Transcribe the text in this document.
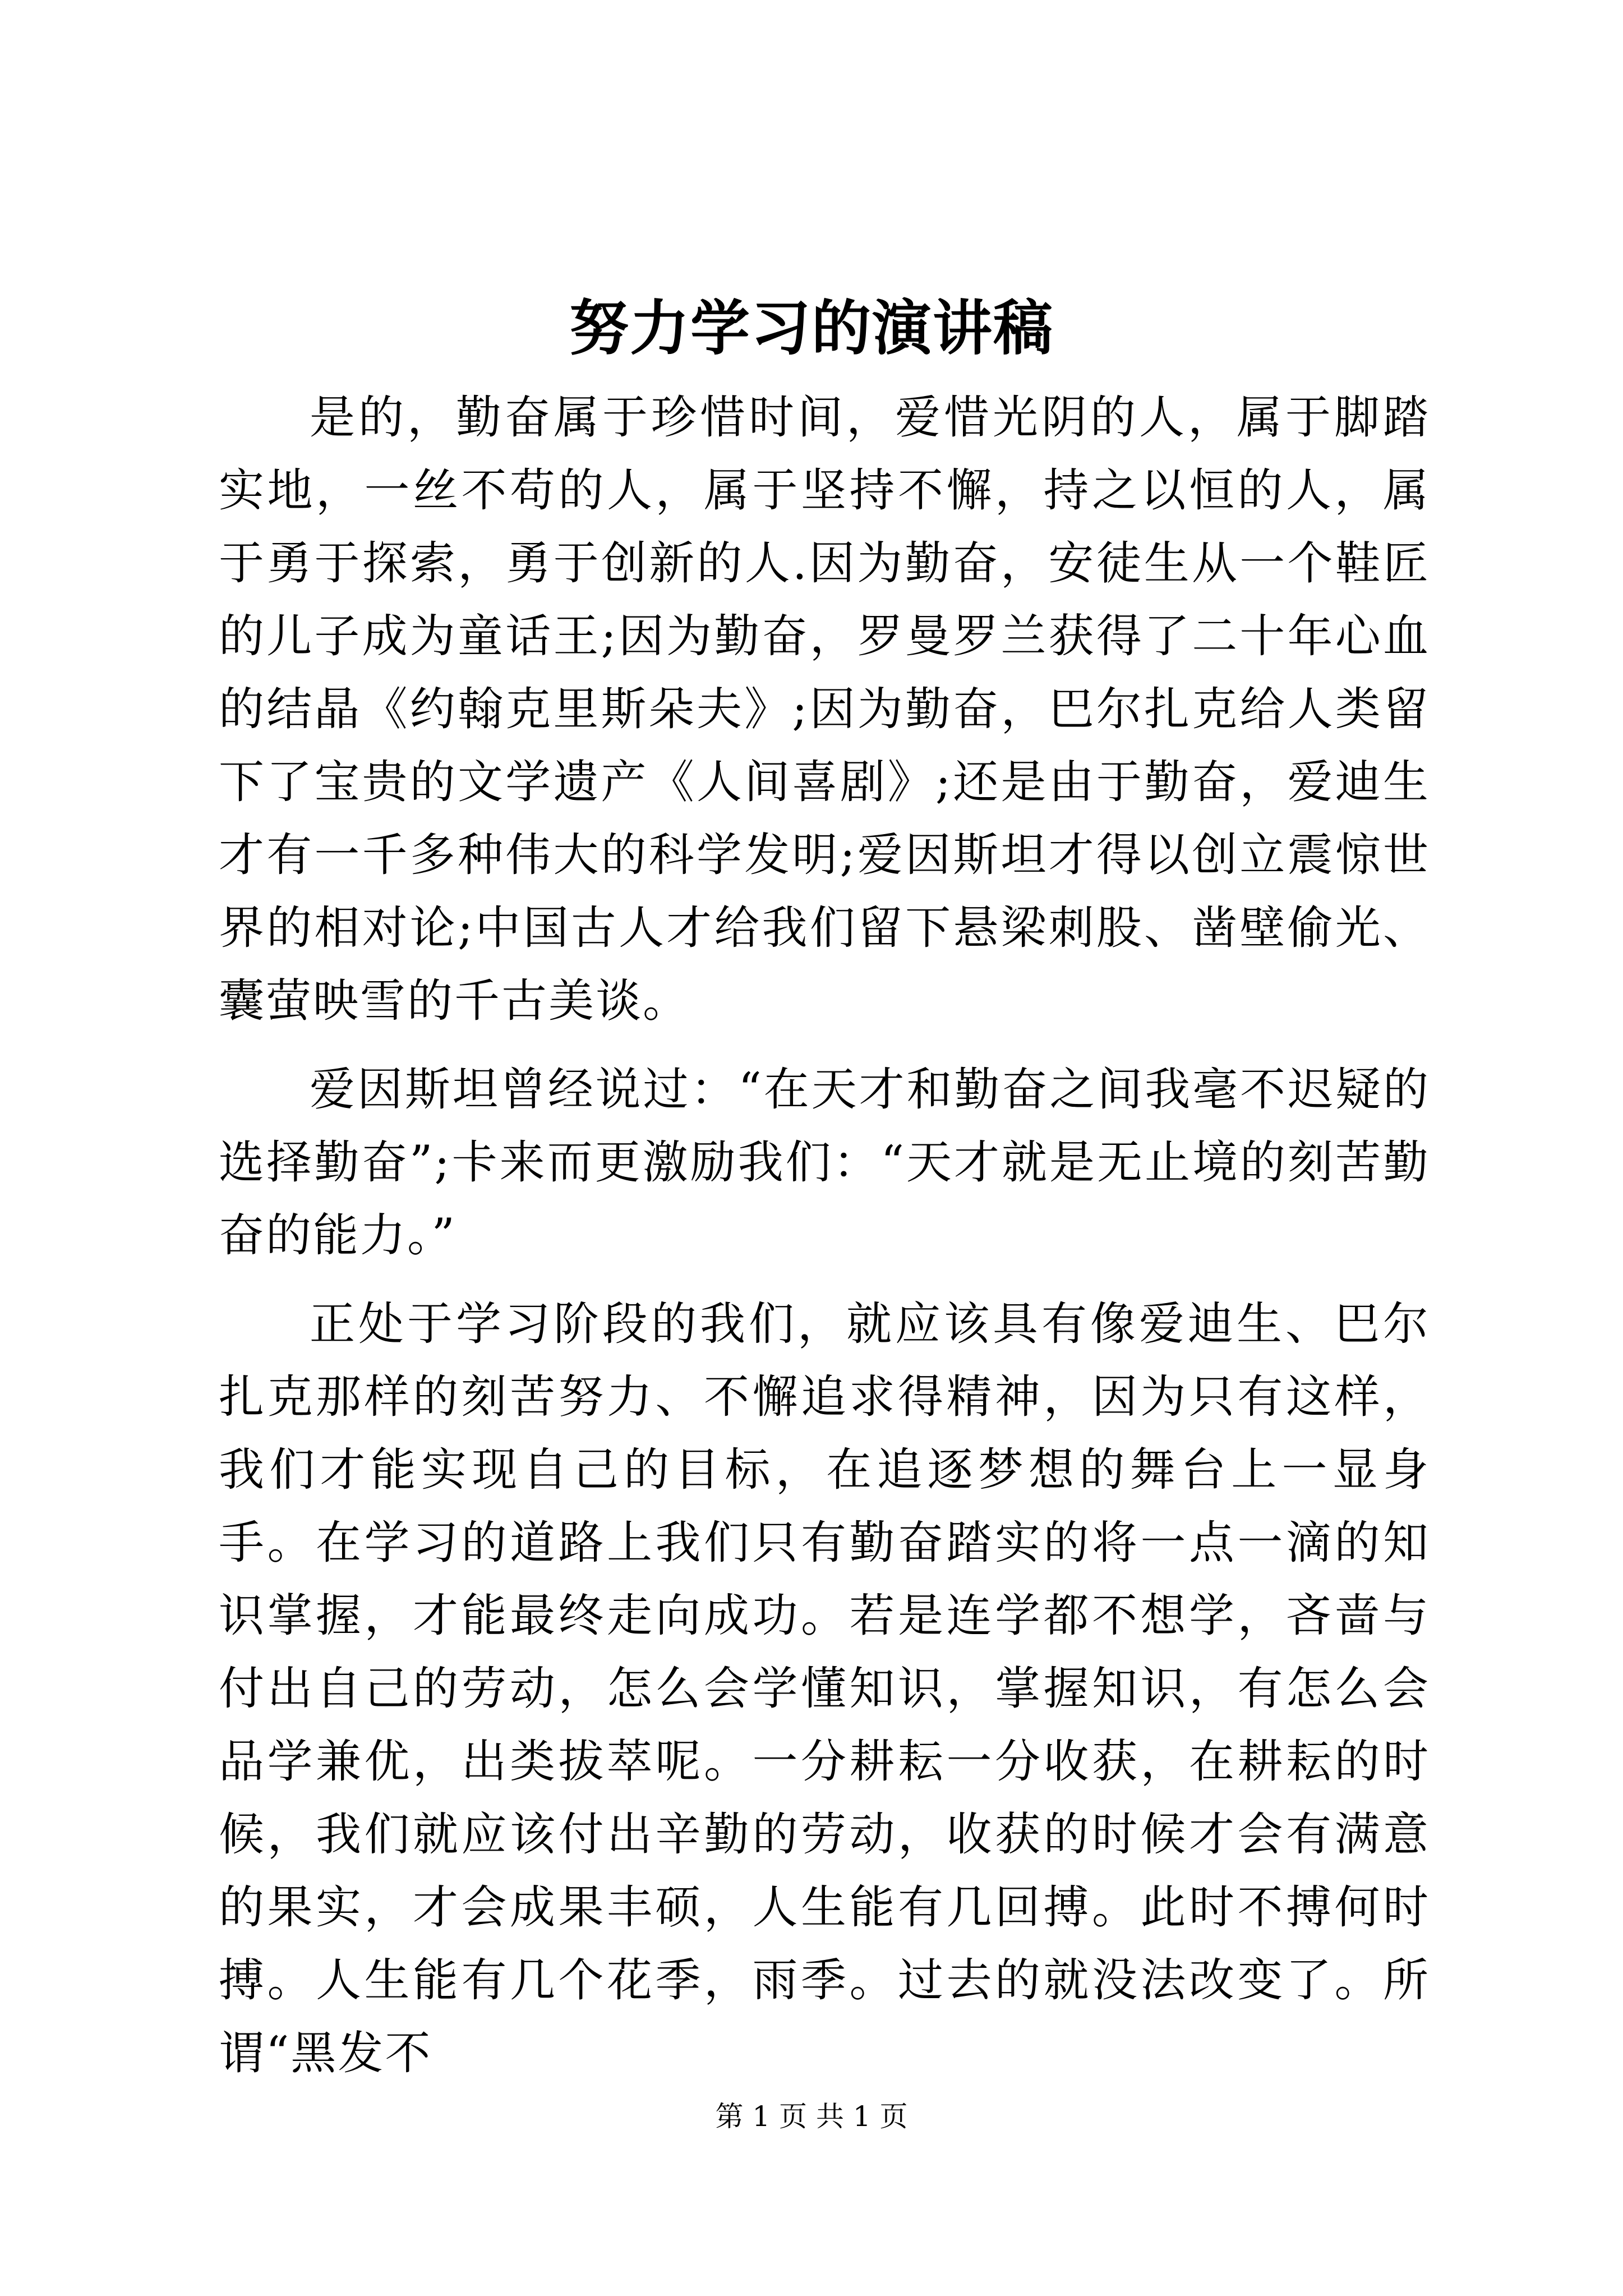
努力学习的演讲稿

是的，勤奋属于珍惜时间，爱惜光阴的人，属于脚踏实地，一丝不苟的人，属于坚持不懈，持之以恒的人，属于勇于探索，勇于创新的人.因为勤奋，安徒生从一个鞋匠的儿子成为童话王;因为勤奋，罗曼罗兰获得了二十年心血的结晶《约翰克里斯朵夫》;因为勤奋，巴尔扎克给人类留下了宝贵的文学遗产《人间喜剧》;还是由于勤奋，爱迪生才有一千多种伟大的科学发明;爱因斯坦才得以创立震惊世界的相对论;中国古人才给我们留下悬梁刺股、凿壁偷光、囊萤映雪的千古美谈。

爱因斯坦曾经说过：“在天才和勤奋之间我毫不迟疑的选择勤奋”;卡来而更激励我们：“天才就是无止境的刻苦勤奋的能力。”

正处于学习阶段的我们，就应该具有像爱迪生、巴尔扎克那样的刻苦努力、不懈追求得精神，因为只有这样，我们才能实现自己的目标，在追逐梦想的舞台上一显身手。在学习的道路上我们只有勤奋踏实的将一点一滴的知识掌握，才能最终走向成功。若是连学都不想学，吝啬与付出自己的劳动，怎么会学懂知识，掌握知识，有怎么会品学兼优，出类拔萃呢。一分耕耘一分收获，在耕耘的时候，我们就应该付出辛勤的劳动，收获的时候才会有满意的果实，才会成果丰硕，人生能有几回搏。此时不搏何时搏。人生能有几个花季，雨季。过去的就没法改变了。所谓“黑发不

第 1 页 共 1 页
